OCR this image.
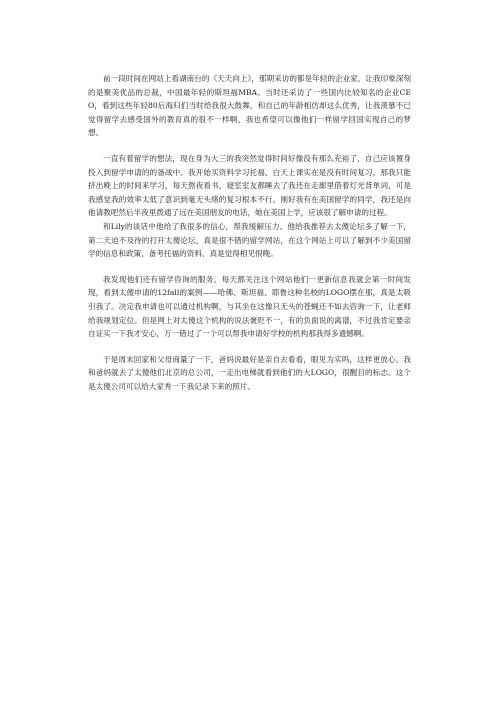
前一段时间在网站上看湖南台的《天天向上》，那期采访的都是年轻的企业家，让我印象深刻的是聚美优品的总裁，中国最年轻的斯坦福MBA。当时还采访了一些国内比较知名的企业CEO，看到这些年轻80后海归们当时给我很大鼓舞，和自己的年龄相仿却这么优秀，让我羡慕不已觉得留学去感受国外的教育真的很不一样啊，我也希望可以像他们一样留学回国实现自己的梦想。

一直有着留学的想法，现在身为大三的我突然觉得时间好像没有那么充裕了，自己应该置身投入到留学申请的的备战中。我开始买资料学习托福、白天上课实在是没有时间复习，那我只能挤出晚上的时间来学习，每天熬夜看书，寝室室友都睡去了我还在走廊里借着灯光背单词，可是我感觉我的效率太低了意识到毫无头绪的复习根本不行。刚好我有在美国留学的同学，我还是向他请教吧然后半夜里拨通了远在美国朋友的电话，她在美国上学，应该很了解申请的过程。

和Lily的谈话中他给了我很多的信心，帮我缓解压力。他给我推荐去太傻论坛多了解一下，第二天迫不及待的打开太傻论坛，真是很不错的留学网站，在这个网站上可以了解到不少美国留学的信息和政策、备考托福的资料、真是觉得相见恨晚。

我发现他们还有留学咨询的服务。每天都关注这个网站他们一更新信息我就会第一时间发现，看到太傻申请的12fall的案例——哈佛、斯坦福、耶鲁这种名校的LOGO摆在那，真是太吸引我了。决定我申请也可以通过机构啊，与其坐在这像只无头的苍蝇还不如去咨询一下，让老师给我规划定位。但是网上对太傻这个机构的说法褒贬不一，有的负面说的离谱，不过我肯定要亲自证实一下我才安心，万一错过了一个可以帮我申请好学校的机构那我得多遗憾啊。

于是周末回家和父母商量了一下，爸妈说最好是亲自去看看，眼见为实吗，这样更放心。我和爸妈就去了太傻他们北京的总公司，一走出电梯就看到他们的大LOGO，很醒目的标志。这个是太傻公司可以给大家秀一下我记录下来的照片。
